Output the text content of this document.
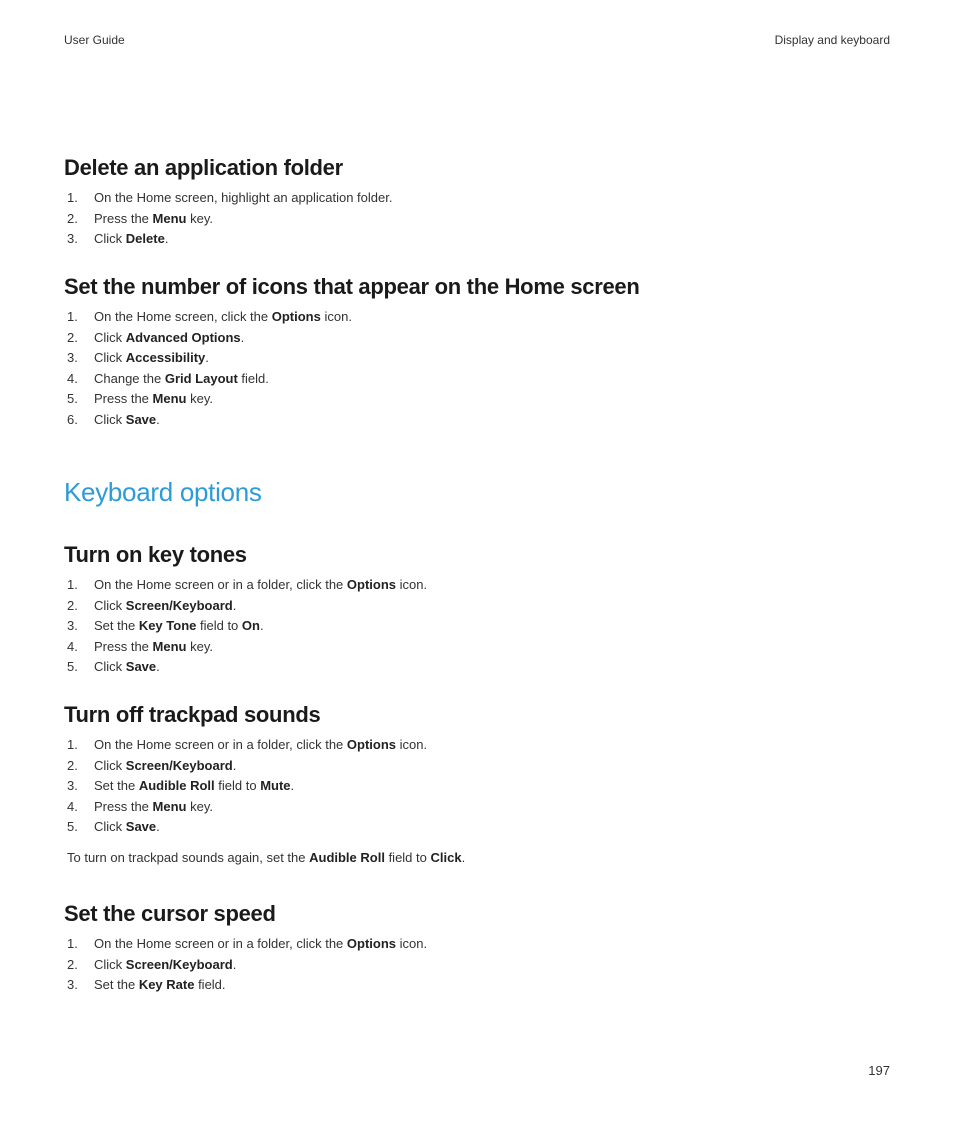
User Guide	Display and keyboard
Delete an application folder
1. On the Home screen, highlight an application folder.
2. Press the Menu key.
3. Click Delete.
Set the number of icons that appear on the Home screen
1. On the Home screen, click the Options icon.
2. Click Advanced Options.
3. Click Accessibility.
4. Change the Grid Layout field.
5. Press the Menu key.
6. Click Save.
Keyboard options
Turn on key tones
1. On the Home screen or in a folder, click the Options icon.
2. Click Screen/Keyboard.
3. Set the Key Tone field to On.
4. Press the Menu key.
5. Click Save.
Turn off trackpad sounds
1. On the Home screen or in a folder, click the Options icon.
2. Click Screen/Keyboard.
3. Set the Audible Roll field to Mute.
4. Press the Menu key.
5. Click Save.

To turn on trackpad sounds again, set the Audible Roll field to Click.

Set the cursor speed
1. On the Home screen or in a folder, click the Options icon.
2. Click Screen/Keyboard.
3. Set the Key Rate field.
197
